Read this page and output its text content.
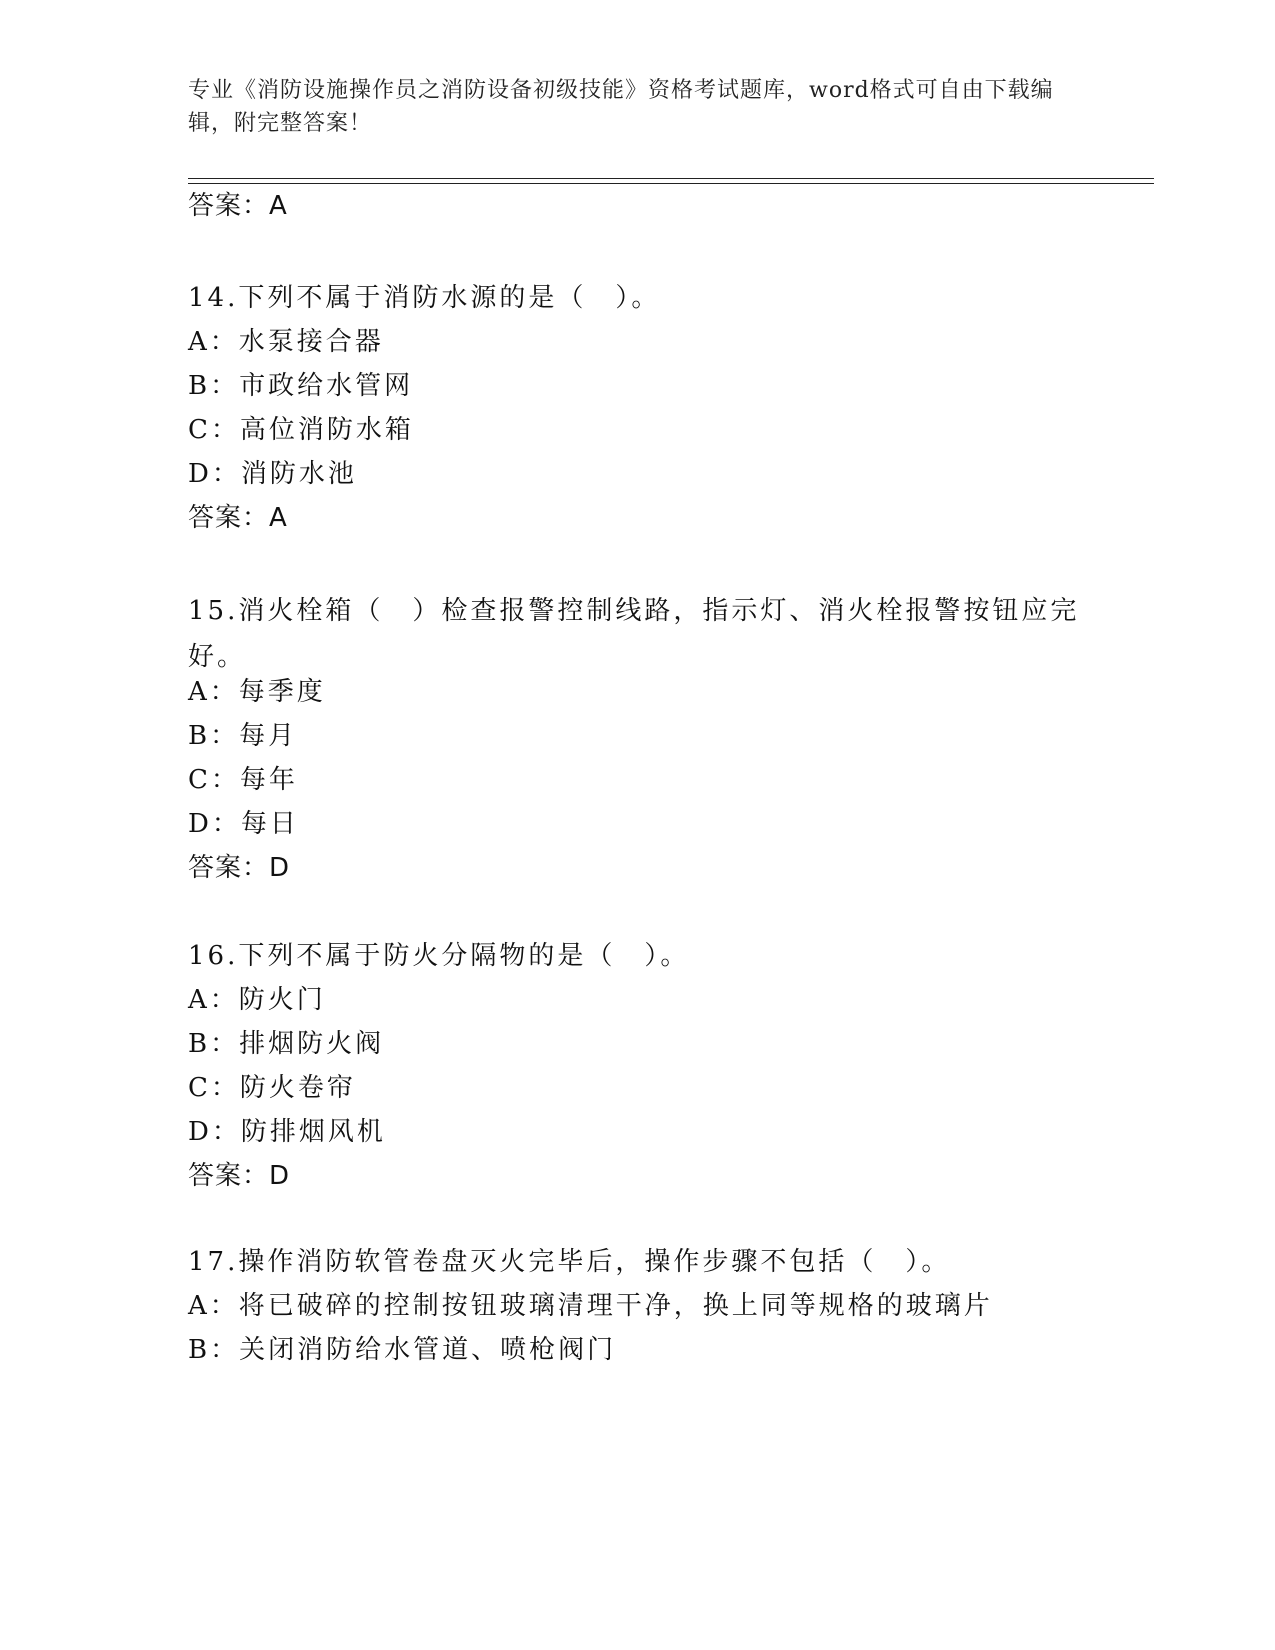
专业《消防设施操作员之消防设备初级技能》资格考试题库，word格式可自由下载编辑，附完整答案！
答案：A
14.下列不属于消防水源的是（　）。
A：水泵接合器
B：市政给水管网
C：高位消防水箱
D：消防水池
答案：A
15.消火栓箱（　）检查报警控制线路，指示灯、消火栓报警按钮应完好。
A：每季度
B：每月
C：每年
D：每日
答案：D
16.下列不属于防火分隔物的是（　）。
A：防火门
B：排烟防火阀
C：防火卷帘
D：防排烟风机
答案：D
17.操作消防软管卷盘灭火完毕后，操作步骤不包括（　）。
A：将已破碎的控制按钮玻璃清理干净，换上同等规格的玻璃片
B：关闭消防给水管道、喷枪阀门
